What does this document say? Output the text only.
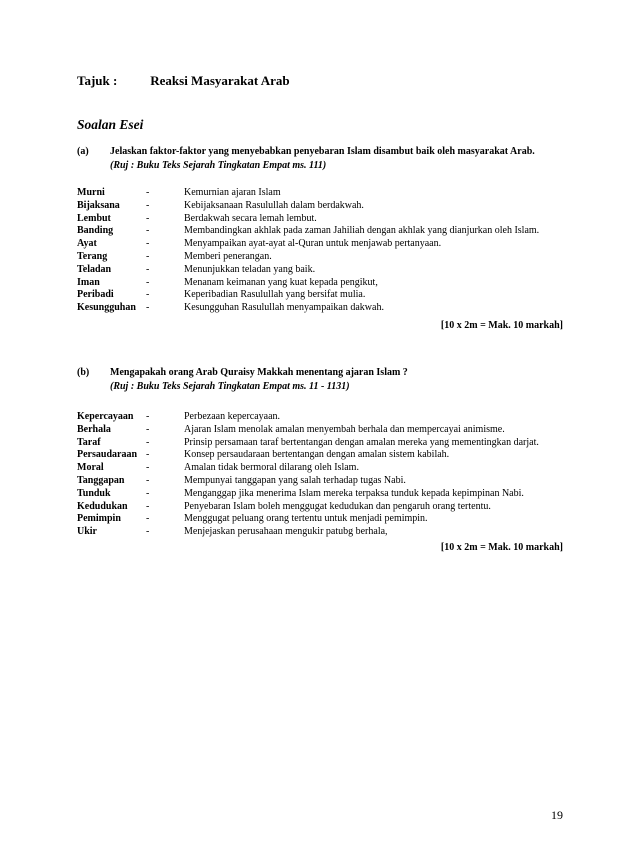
Tajuk :	Reaksi Masyarakat Arab
Soalan Esei
(a) Jelaskan faktor-faktor yang menyebabkan penyebaran Islam disambut baik oleh masyarakat Arab.
(Ruj : Buku Teks Sejarah Tingkatan Empat ms. 111)
Murni	-	Kemurnian ajaran Islam
Bijaksana	-	Kebijaksanaan Rasulullah dalam berdakwah.
Lembut	-	Berdakwah secara lemah lembut.
Banding	-	Membandingkan akhlak pada zaman Jahiliah dengan akhlak yang dianjurkan oleh Islam.
Ayat	-	Menyampaikan ayat-ayat al-Quran untuk menjawab pertanyaan.
Terang	-	Memberi penerangan.
Teladan	-	Menunjukkan teladan yang baik.
Iman	-	Menanam keimanan yang kuat kepada pengikut,
Peribadi	-	Keperibadian Rasulullah yang bersifat mulia.
Kesungguhan -	Kesungguhan Rasulullah menyampaikan dakwah.
[10 x 2m = Mak. 10 markah]
(b) Mengapakah orang Arab Quraisy Makkah menentang ajaran Islam ?
(Ruj : Buku Teks Sejarah Tingkatan Empat ms. 11 - 1131)
Kepercayaan -	Perbezaan kepercayaan.
Berhala	-	Ajaran Islam menolak amalan menyembah berhala dan mempercayai animisme.
Taraf	-	Prinsip persamaan taraf bertentangan dengan amalan mereka yang mementingkan darjat.
Persaudaraan -	Konsep persaudaraan bertentangan dengan amalan sistem kabilah.
Moral	-	Amalan tidak bermoral dilarang oleh Islam.
Tanggapan -	Mempunyai tanggapan yang salah terhadap tugas Nabi.
Tunduk	-	Menganggap jika menerima Islam mereka terpaksa tunduk kepada kepimpinan Nabi.
Kedudukan -	Penyebaran Islam boleh menggugat kedudukan dan pengaruh orang tertentu.
Pemimpin	-	Menggugat peluang orang tertentu untuk menjadi pemimpin.
Ukir	-	Menjejaskan perusahaan mengukir patubg berhala,
[10 x 2m = Mak. 10 markah]
19
